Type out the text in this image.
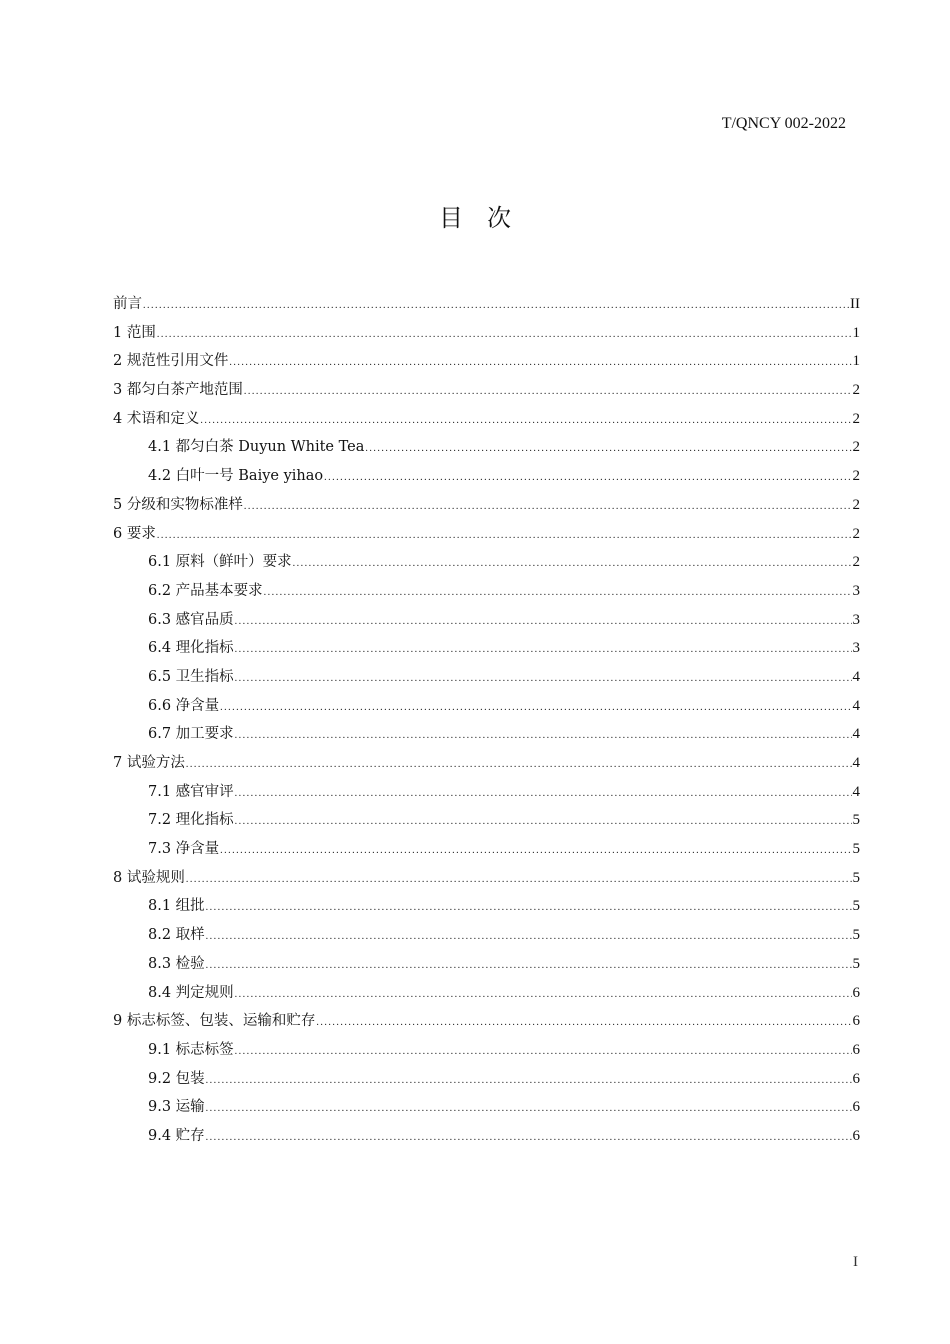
T/QNCY 002-2022
目次
前言 .....	II
1 范围 .....	1
2 规范性引用文件 .....	1
3 都匀白茶产地范围 .....	2
4 术语和定义 .....	2
4.1 都匀白茶 Duyun White Tea .....	2
4.2 白叶一号 Baiye yihao .....	2
5 分级和实物标准样 .....	2
6 要求 .....	2
6.1 原料（鲜叶）要求 .....	2
6.2 产品基本要求 .....	3
6.3 感官品质 .....	3
6.4 理化指标 .....	3
6.5 卫生指标 .....	4
6.6 净含量 .....	4
6.7 加工要求 .....	4
7 试验方法 .....	4
7.1 感官审评 .....	4
7.2 理化指标 .....	5
7.3 净含量 .....	5
8 试验规则 .....	5
8.1 组批 .....	5
8.2 取样 .....	5
8.3 检验 .....	5
8.4 判定规则 .....	6
9 标志标签、包装、运输和贮存 .....	6
9.1 标志标签 .....	6
9.2 包装 .....	6
9.3 运输 .....	6
9.4 贮存 .....	6
I
